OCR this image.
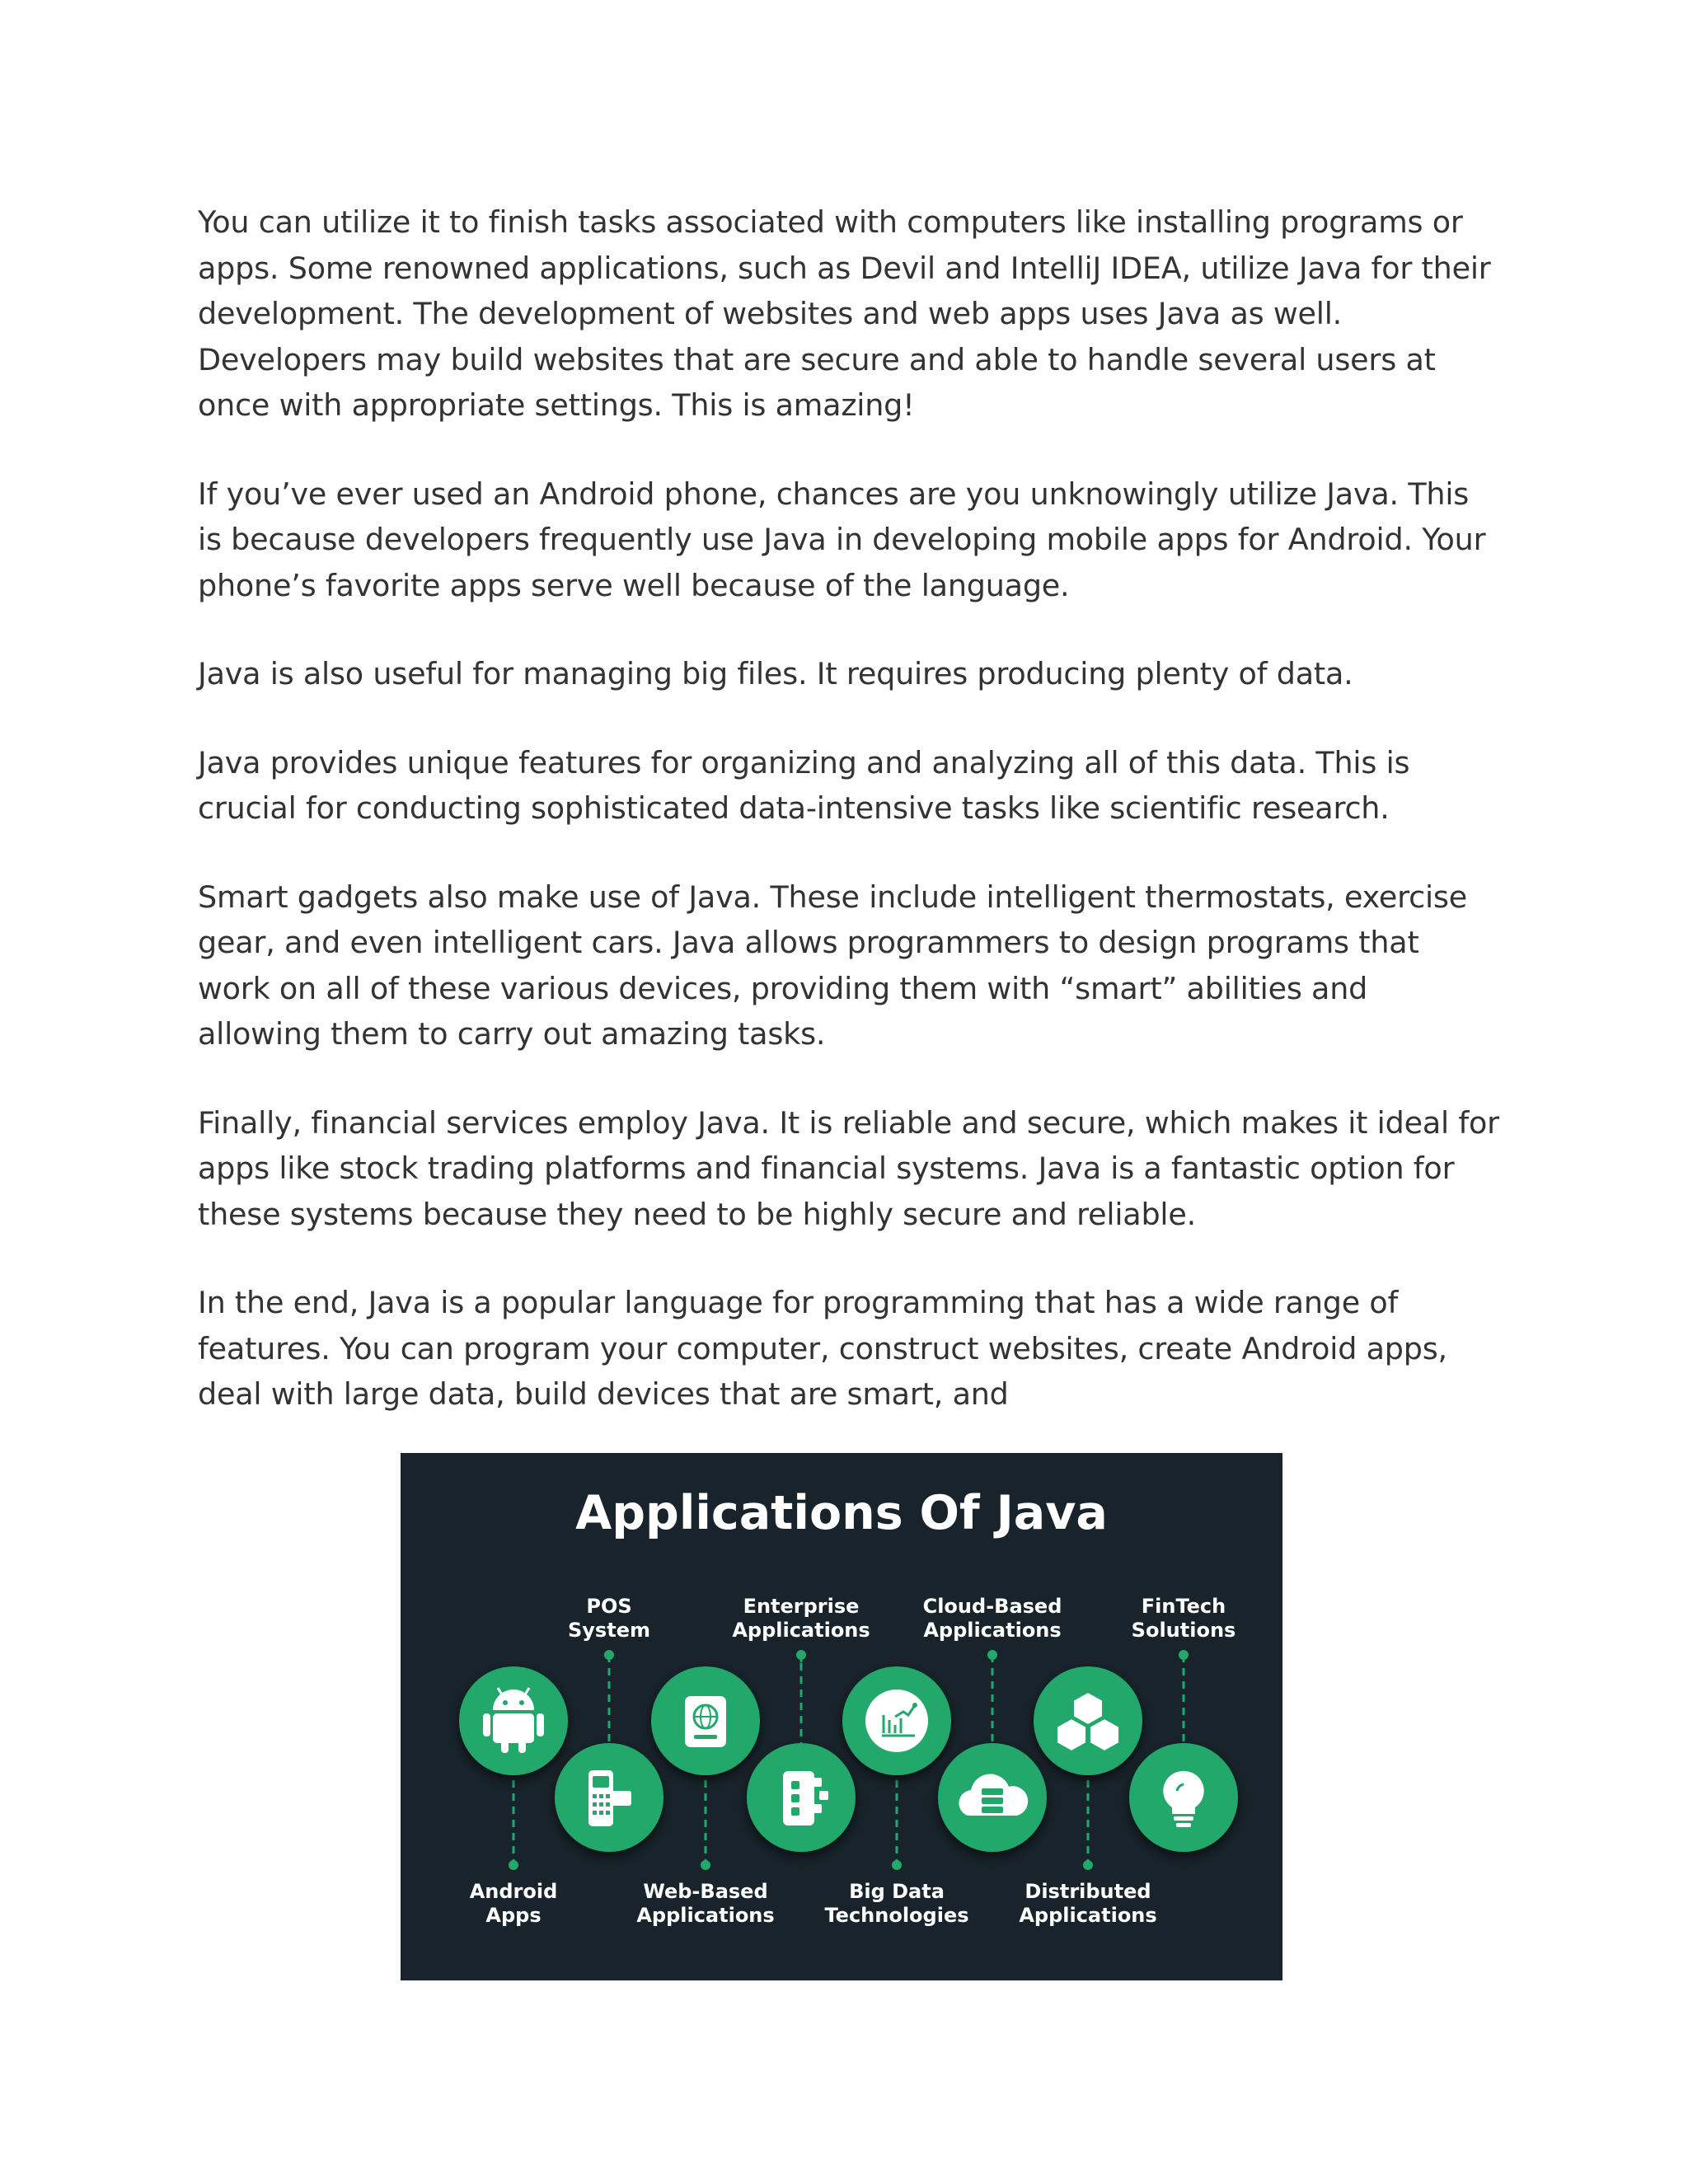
You can utilize it to finish tasks associated with computers like installing programs or apps. Some renowned applications, such as Devil and IntelliJ IDEA, utilize Java for their development. The development of websites and web apps uses Java as well. Developers may build websites that are secure and able to handle several users at once with appropriate settings. This is amazing!

If you’ve ever used an Android phone, chances are you unknowingly utilize Java. This is because developers frequently use Java in developing mobile apps for Android. Your phone’s favorite apps serve well because of the language.

Java is also useful for managing big files. It requires producing plenty of data.

Java provides unique features for organizing and analyzing all of this data. This is crucial for conducting sophisticated data-intensive tasks like scientific research.

Smart gadgets also make use of Java. These include intelligent thermostats, exercise gear, and even intelligent cars. Java allows programmers to design programs that work on all of these various devices, providing them with “smart” abilities and allowing them to carry out amazing tasks.

Finally, financial services employ Java. It is reliable and secure, which makes it ideal for apps like stock trading platforms and financial systems. Java is a fantastic option for these systems because they need to be highly secure and reliable.

In the end, Java is a popular language for programming that has a wide range of features. You can program your computer, construct websites, create Android apps, deal with large data, build devices that are smart, and

Applications Of Java
POS
System
Enterprise
Applications
Cloud-Based
Applications
FinTech
Solutions
Android
Apps
Web-Based
Applications
Big Data
Technologies
Distributed
Applications
